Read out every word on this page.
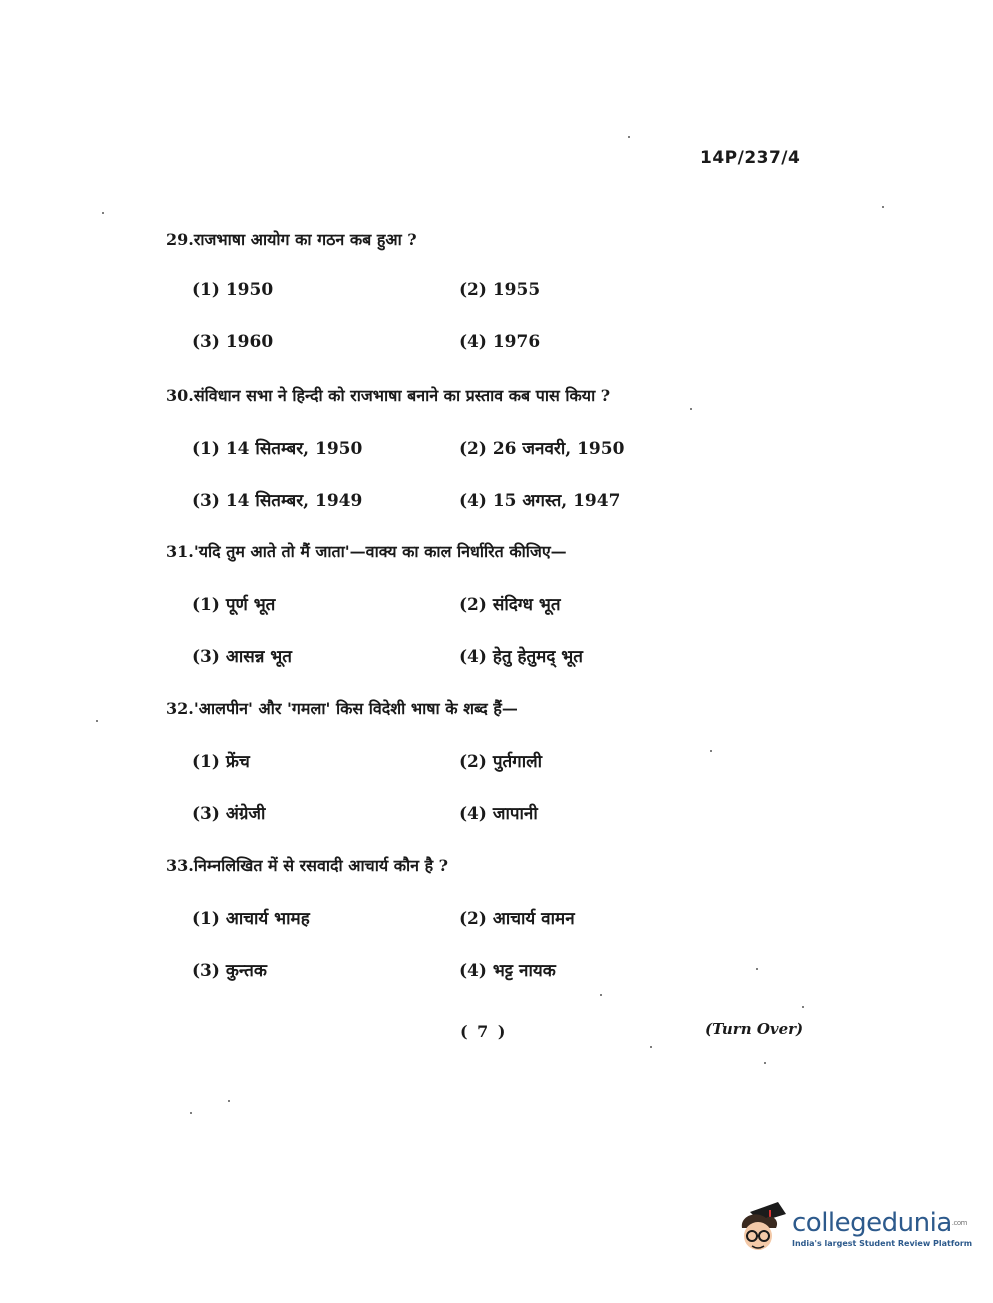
14P/237/4
29.राजभाषा आयोग का गठन कब हुआ ?
(1) 1950	(2) 1955
(3) 1960	(4) 1976
30.संविधान सभा ने हिन्दी को राजभाषा बनाने का प्रस्ताव कब पास किया ?
(1) 14 सितम्बर, 1950	(2) 26 जनवरी, 1950
(3) 14 सितम्बर, 1949	(4) 15 अगस्त, 1947
31.'यदि तुम आते तो मैं जाता'—वाक्य का काल निर्धारित कीजिए—
(1) पूर्ण भूत	(2) संदिग्ध भूत
(3) आसन्न भूत	(4) हेतु हेतुमद् भूत
32.'आलपीन' और 'गमला' किस विदेशी भाषा के शब्द हैं—
(1) फ्रेंच	(2) पुर्तगाली
(3) अंग्रेजी	(4) जापानी
33.निम्नलिखित में से रसवादी आचार्य कौन है ?
(1) आचार्य भामह	(2) आचार्य वामन
(3) कुन्तक	(4) भट्ट नायक
( 7 )	(Turn Over)
collegedunia$^{.com}$
India's largest Student Review Platform
